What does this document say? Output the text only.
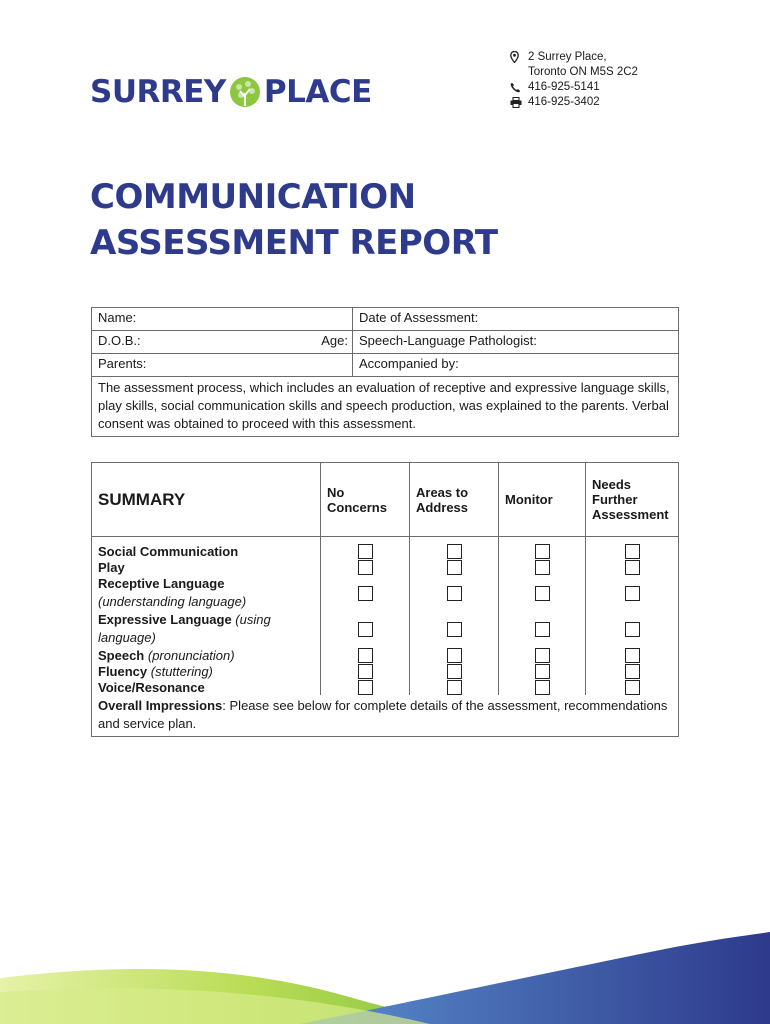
SURREY PLACE
2 Surrey Place,
Toronto ON M5S 2C2
416-925-5141
416-925-3402
COMMUNICATION
ASSESSMENT REPORT
Name:	Date of Assessment:
D.O.B.: Age:	Speech-Language Pathologist:
Parents:	Accompanied by:
The assessment process, which includes an evaluation of receptive and expressive language skills, play skills, social communication skills and speech production, was explained to the parents. Verbal consent was obtained to proceed with this assessment.	
SUMMARY	No Concerns	Areas to Address	Monitor	Needs Further Assessment
Social Communication				
Play				
Receptive Language (understanding language)				
Expressive Language (using language)				
Speech (pronunciation)				
Fluency (stuttering)				
Voice/Resonance				
Overall Impressions: Please see below for complete details of the assessment, recommendations and service plan.				
